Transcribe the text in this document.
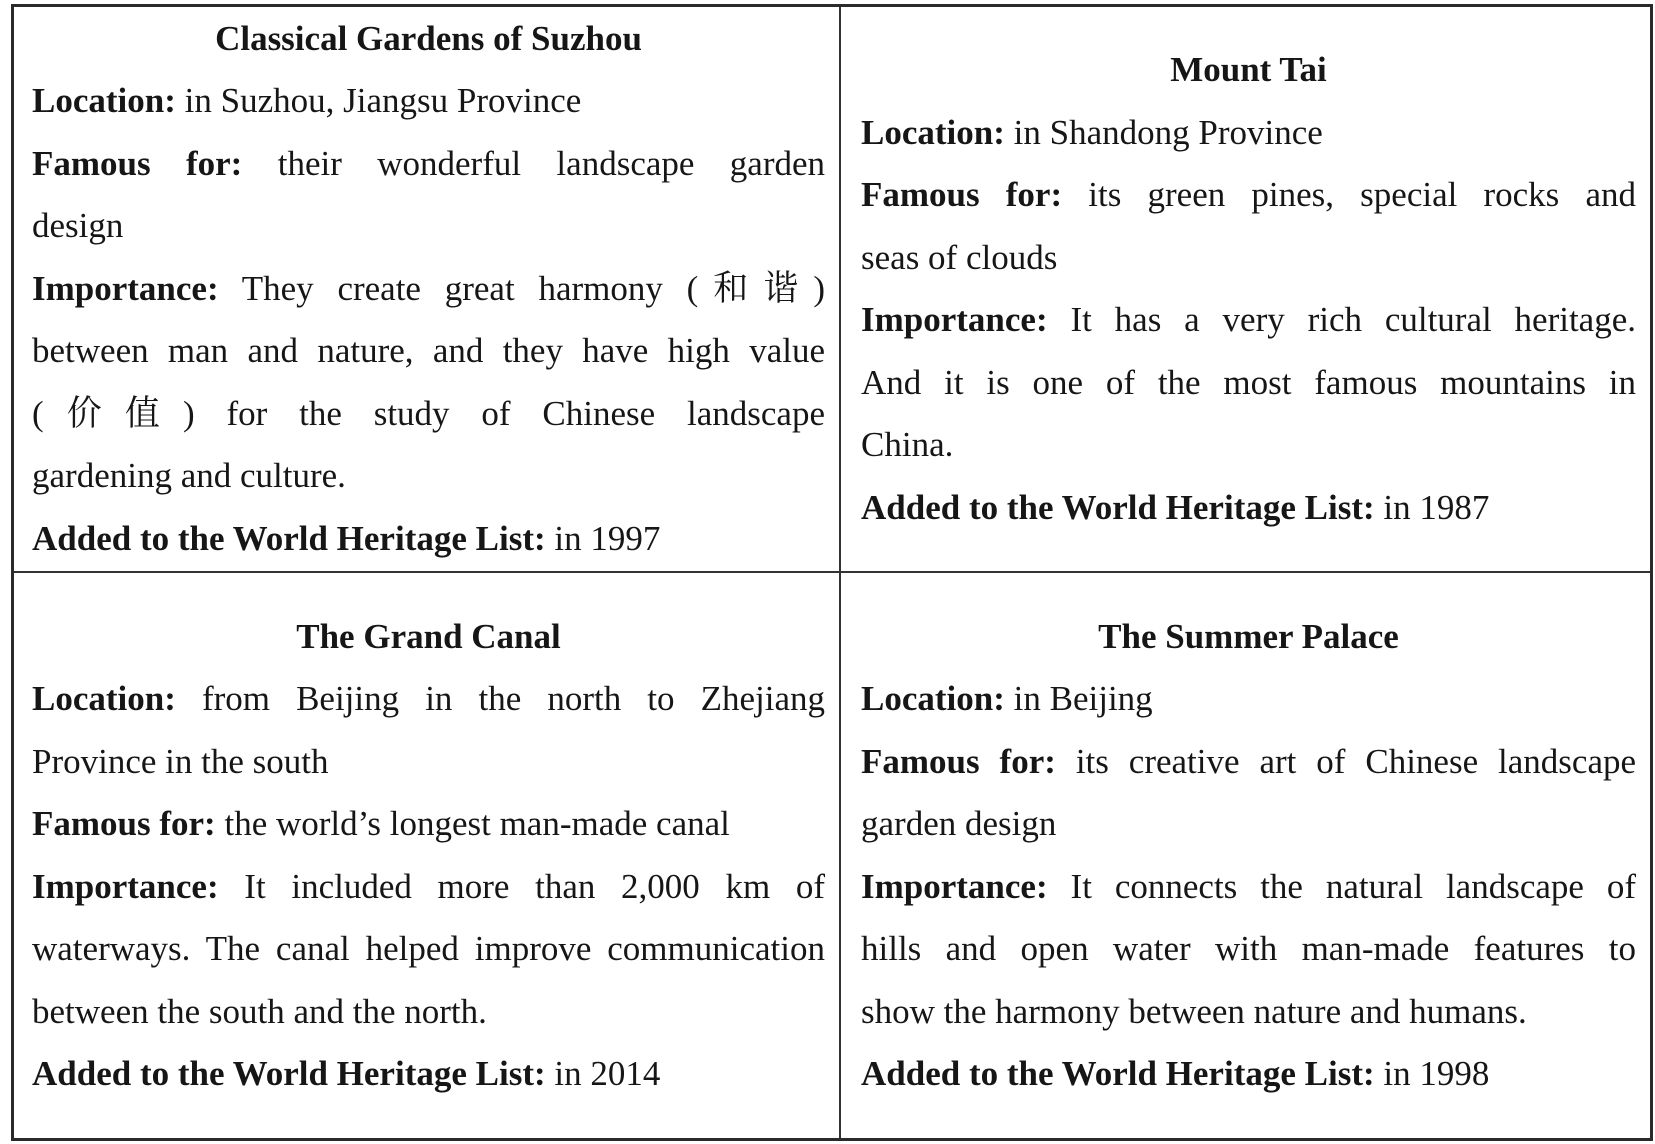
Classical Gardens of Suzhou
Location: in Suzhou, Jiangsu Province
Famous for: their wonderful landscape garden
design
Importance: They create great harmony (和谐)
between man and nature, and they have high value
(价值) for the study of Chinese landscape
gardening and culture.
Added to the World Heritage List: in 1997
Mount Tai
Location: in Shandong Province
Famous for: its green pines, special rocks and
seas of clouds
Importance: It has a very rich cultural heritage.
And it is one of the most famous mountains in
China.
Added to the World Heritage List: in 1987
The Grand Canal
Location: from Beijing in the north to Zhejiang
Province in the south
Famous for: the world’s longest man-made canal
Importance: It included more than 2,000 km of
waterways. The canal helped improve communication
between the south and the north.
Added to the World Heritage List: in 2014
The Summer Palace
Location: in Beijing
Famous for: its creative art of Chinese landscape
garden design
Importance: It connects the natural landscape of
hills and open water with man-made features to
show the harmony between nature and humans.
Added to the World Heritage List: in 1998
